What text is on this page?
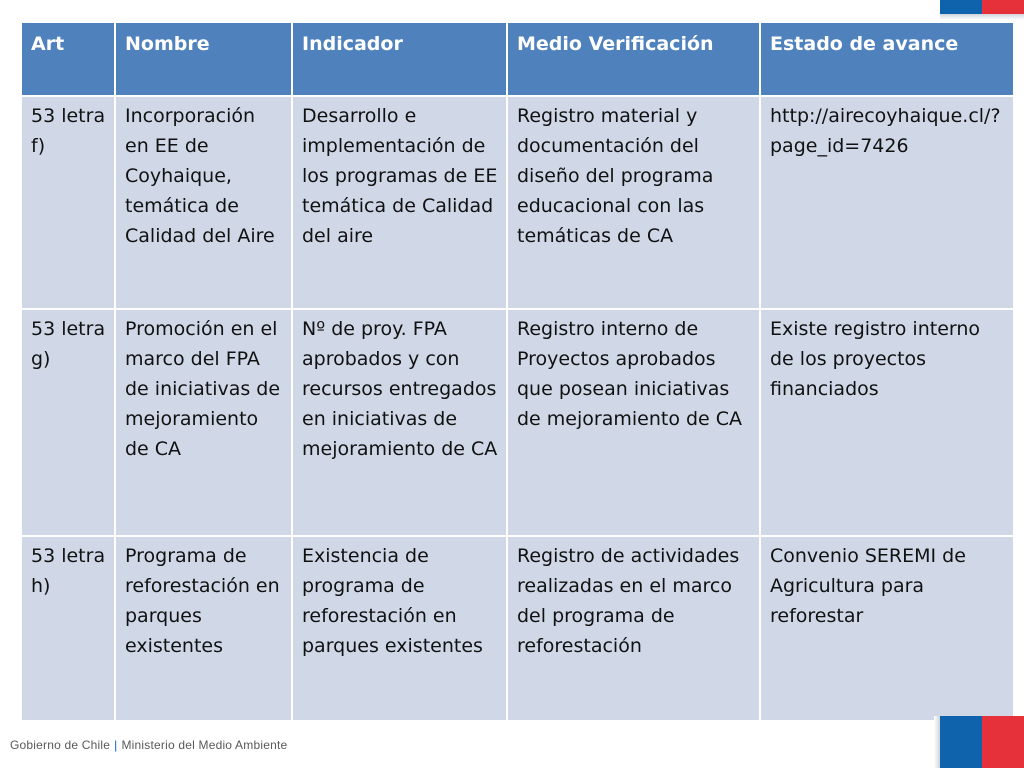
Art	Nombre	Indicador	Medio Verificación	Estado de avance
53 letra f)	Incorporación en EE de Coyhaique, temática de Calidad del Aire	Desarrollo e implementación de los programas de EE temática de Calidad del aire	Registro material y documentación del diseño del programa educacional con las temáticas de CA	http://airecoyhaique.cl/?page_id=7426
53 letra g)	Promoción en el marco del FPA de iniciativas de mejoramiento de CA	Nº de proy. FPA aprobados y con recursos entregados en iniciativas de mejoramiento de CA	Registro interno de Proyectos aprobados que posean iniciativas de mejoramiento de CA	Existe registro interno de los proyectos financiados
53 letra h)	Programa de reforestación en parques existentes	Existencia de programa de reforestación en parques existentes	Registro de actividades realizadas en el marco del programa de reforestación	Convenio SEREMI de Agricultura para reforestar
Gobierno de Chile | Ministerio del Medio Ambiente
